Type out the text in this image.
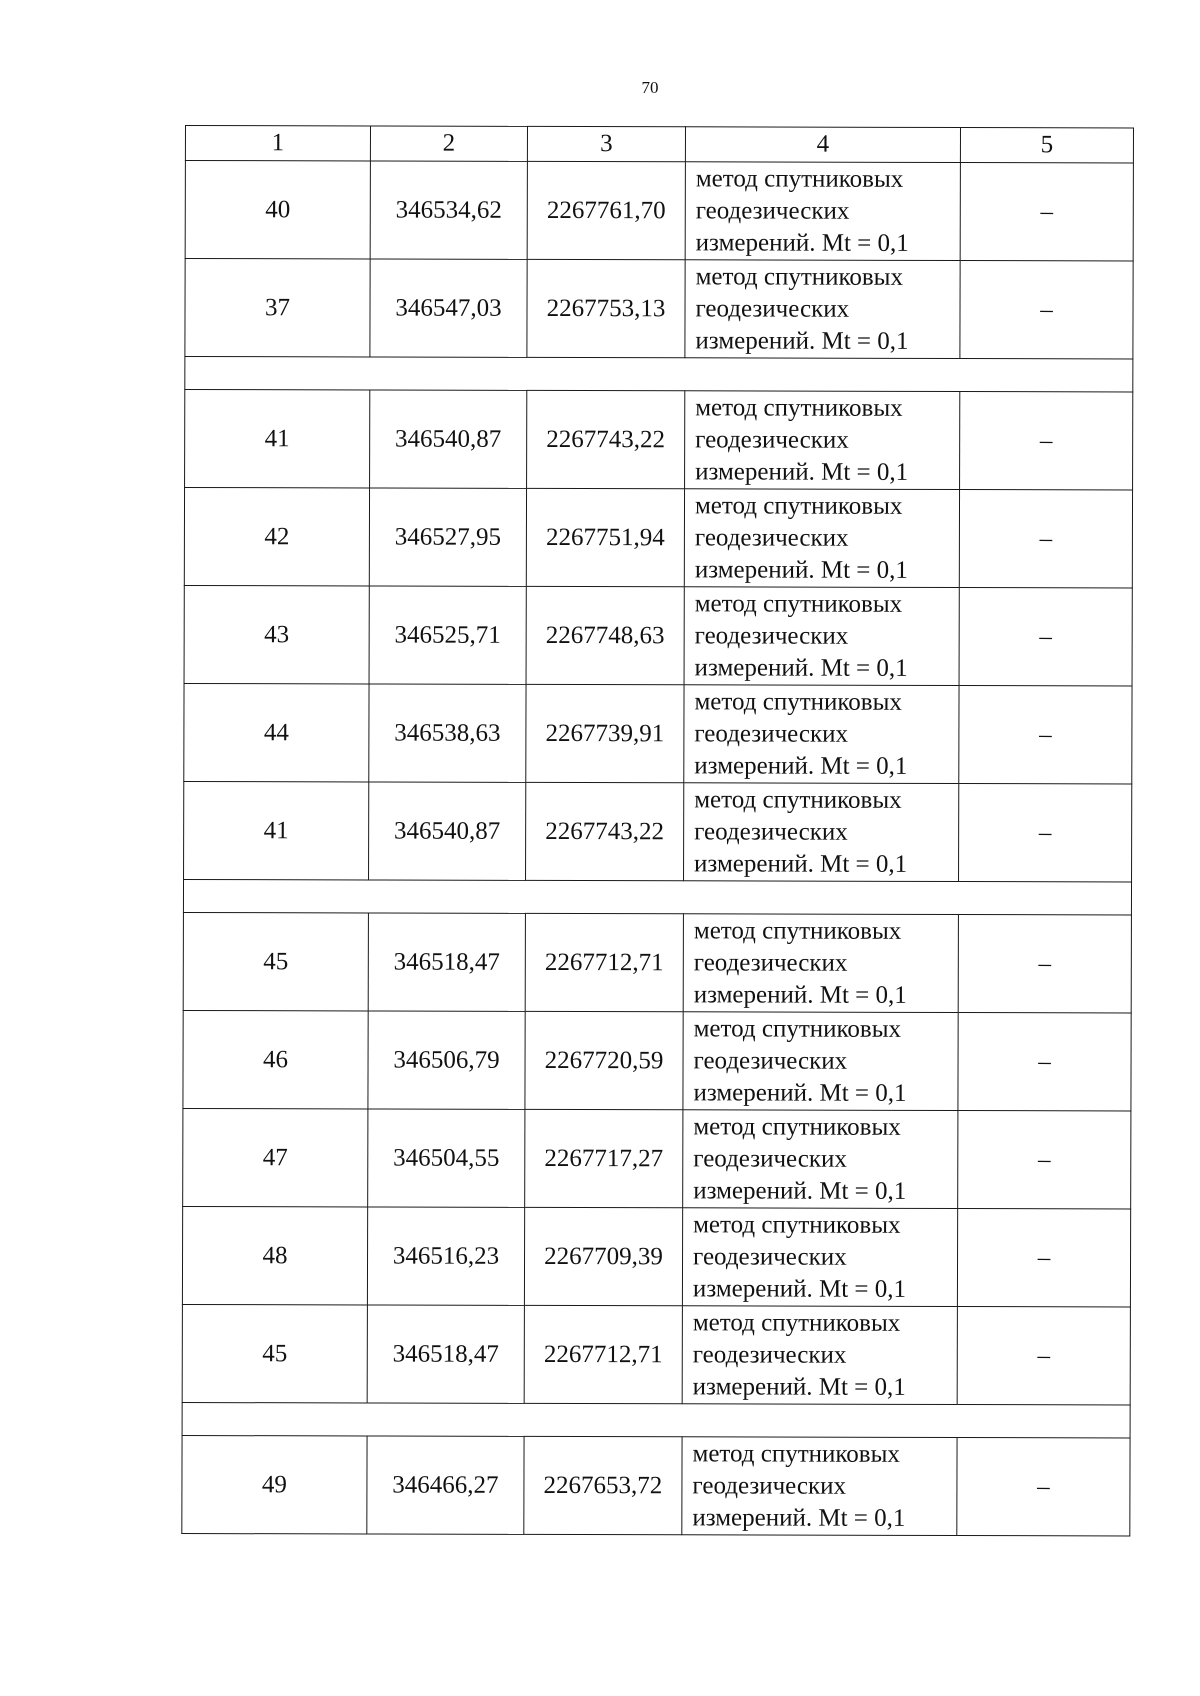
70
1	2	3	4	5
40	346534,62	2267761,70	метод спутниковых
геодезических
измерений. Mt = 0,1	–
37	346547,03	2267753,13	метод спутниковых
геодезических
измерений. Mt = 0,1	–

41	346540,87	2267743,22	метод спутниковых
геодезических
измерений. Mt = 0,1	–
42	346527,95	2267751,94	метод спутниковых
геодезических
измерений. Mt = 0,1	–
43	346525,71	2267748,63	метод спутниковых
геодезических
измерений. Mt = 0,1	–
44	346538,63	2267739,91	метод спутниковых
геодезических
измерений. Mt = 0,1	–
41	346540,87	2267743,22	метод спутниковых
геодезических
измерений. Mt = 0,1	–

45	346518,47	2267712,71	метод спутниковых
геодезических
измерений. Mt = 0,1	–
46	346506,79	2267720,59	метод спутниковых
геодезических
измерений. Mt = 0,1	–
47	346504,55	2267717,27	метод спутниковых
геодезических
измерений. Mt = 0,1	–
48	346516,23	2267709,39	метод спутниковых
геодезических
измерений. Mt = 0,1	–
45	346518,47	2267712,71	метод спутниковых
геодезических
измерений. Mt = 0,1	–

49	346466,27	2267653,72	метод спутниковых
геодезических
измерений. Mt = 0,1	–
